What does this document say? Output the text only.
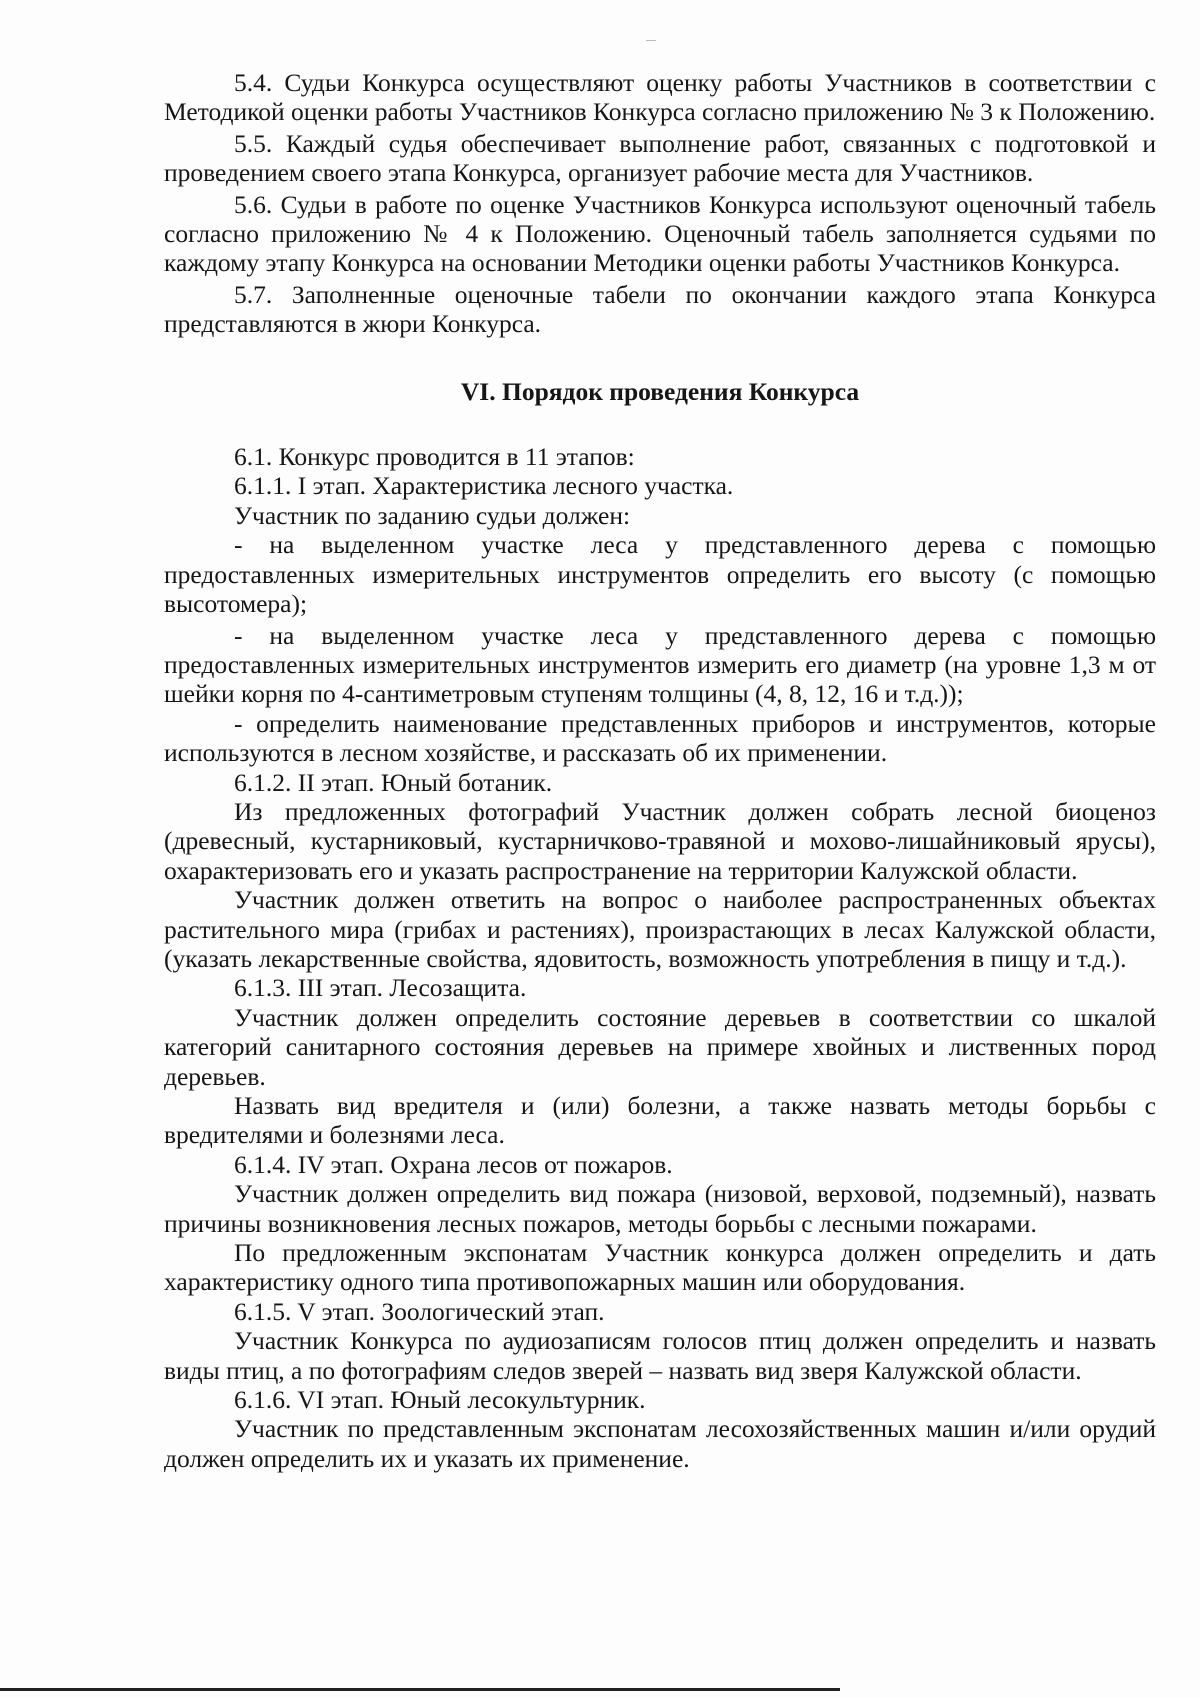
5.4. Судьи Конкурса осуществляют оценку работы Участников в соответствии с Методикой оценки работы Участников Конкурса согласно приложению № 3 к Положению.

5.5. Каждый судья обеспечивает выполнение работ, связанных с подготовкой и проведением своего этапа Конкурса, организует рабочие места для Участников.

5.6. Судьи в работе по оценке Участников Конкурса используют оценочный табель согласно приложению № 4 к Положению. Оценочный табель заполняется судьями по каждому этапу Конкурса на основании Методики оценки работы Участников Конкурса.

5.7. Заполненные оценочные табели по окончании каждого этапа Конкурса представляются в жюри Конкурса.

VI. Порядок проведения Конкурса

6.1. Конкурс проводится в 11 этапов:

6.1.1. I этап. Характеристика лесного участка.

Участник по заданию судьи должен:

- на выделенном участке леса у представленного дерева с помощью предоставленных измерительных инструментов определить его высоту (с помощью высотомера);

- на выделенном участке леса у представленного дерева с помощью предоставленных измерительных инструментов измерить его диаметр (на уровне 1,3 м от шейки корня по 4-сантиметровым ступеням толщины (4, 8, 12, 16 и т.д.));

- определить наименование представленных приборов и инструментов, которые используются в лесном хозяйстве, и рассказать об их применении.

6.1.2. II этап. Юный ботаник.

Из предложенных фотографий Участник должен собрать лесной биоценоз (древесный, кустарниковый, кустарничково-травяной и мохово-лишайниковый ярусы), охарактеризовать его и указать распространение на территории Калужской области.

Участник должен ответить на вопрос о наиболее распространенных объектах растительного мира (грибах и растениях), произрастающих в лесах Калужской области, (указать лекарственные свойства, ядовитость, возможность употребления в пищу и т.д.).

6.1.3. III этап. Лесозащита.

Участник должен определить состояние деревьев в соответствии со шкалой категорий санитарного состояния деревьев на примере хвойных и лиственных пород деревьев.

Назвать вид вредителя и (или) болезни, а также назвать методы борьбы с вредителями и болезнями леса.

6.1.4. IV этап. Охрана лесов от пожаров.

Участник должен определить вид пожара (низовой, верховой, подземный), назвать причины возникновения лесных пожаров, методы борьбы с лесными пожарами.

По предложенным экспонатам Участник конкурса должен определить и дать характеристику одного типа противопожарных машин или оборудования.

6.1.5. V этап. Зоологический этап.

Участник Конкурса по аудиозаписям голосов птиц должен определить и назвать виды птиц, а по фотографиям следов зверей – назвать вид зверя Калужской области.

6.1.6. VI этап. Юный лесокультурник.

Участник по представленным экспонатам лесохозяйственных машин и/или орудий должен определить их и указать их применение.
